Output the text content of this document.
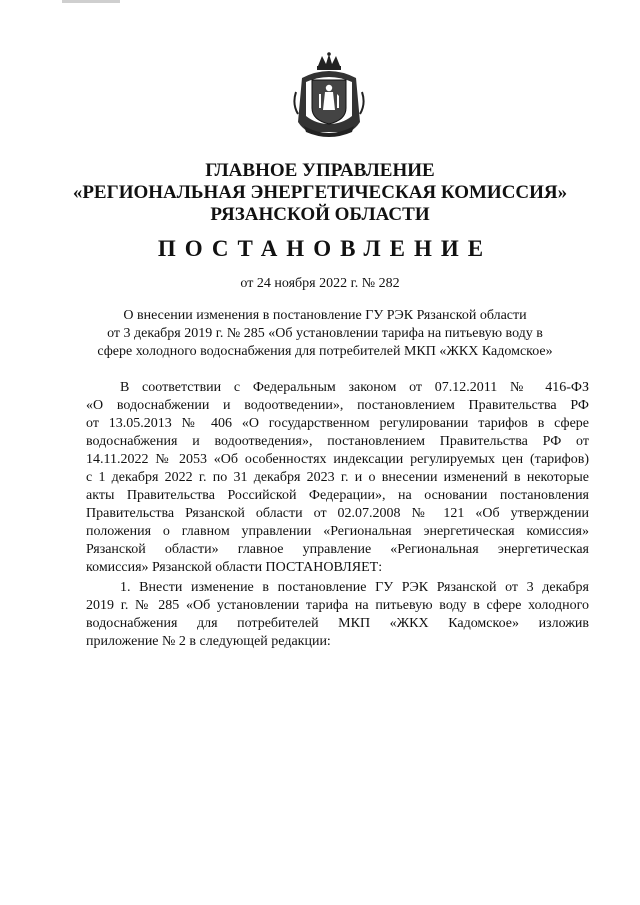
ГЛАВНОЕ УПРАВЛЕНИЕ
«РЕГИОНАЛЬНАЯ ЭНЕРГЕТИЧЕСКАЯ КОМИССИЯ»
РЯЗАНСКОЙ ОБЛАСТИ
ПОСТАНОВЛЕНИЕ
от 24 ноября 2022 г. № 282
О внесении изменения в постановление ГУ РЭК Рязанской области
от 3 декабря 2019 г. № 285 «Об установлении тарифа на питьевую воду в
сфере холодного водоснабжения для потребителей МКП «ЖКХ Кадомское»
В соответствии с Федеральным законом от 07.12.2011 № 416-ФЗ
«О водоснабжении и водоотведении», постановлением Правительства РФ
от 13.05.2013 № 406 «О государственном регулировании тарифов в сфере
водоснабжения и водоотведения», постановлением Правительства РФ от
14.11.2022 № 2053 «Об особенностях индексации регулируемых цен (тарифов)
с 1 декабря 2022 г. по 31 декабря 2023 г. и о внесении изменений в некоторые
акты Правительства Российской Федерации», на основании постановления
Правительства Рязанской области от 02.07.2008 № 121 «Об утверждении
положения о главном управлении «Региональная энергетическая комиссия»
Рязанской области» главное управление «Региональная энергетическая
комиссия» Рязанской области ПОСТАНОВЛЯЕТ:
1. Внести изменение в постановление ГУ РЭК Рязанской от 3 декабря
2019 г. № 285 «Об установлении тарифа на питьевую воду в сфере холодного
водоснабжения для потребителей МКП «ЖКХ Кадомское» изложив
приложение № 2 в следующей редакции:
